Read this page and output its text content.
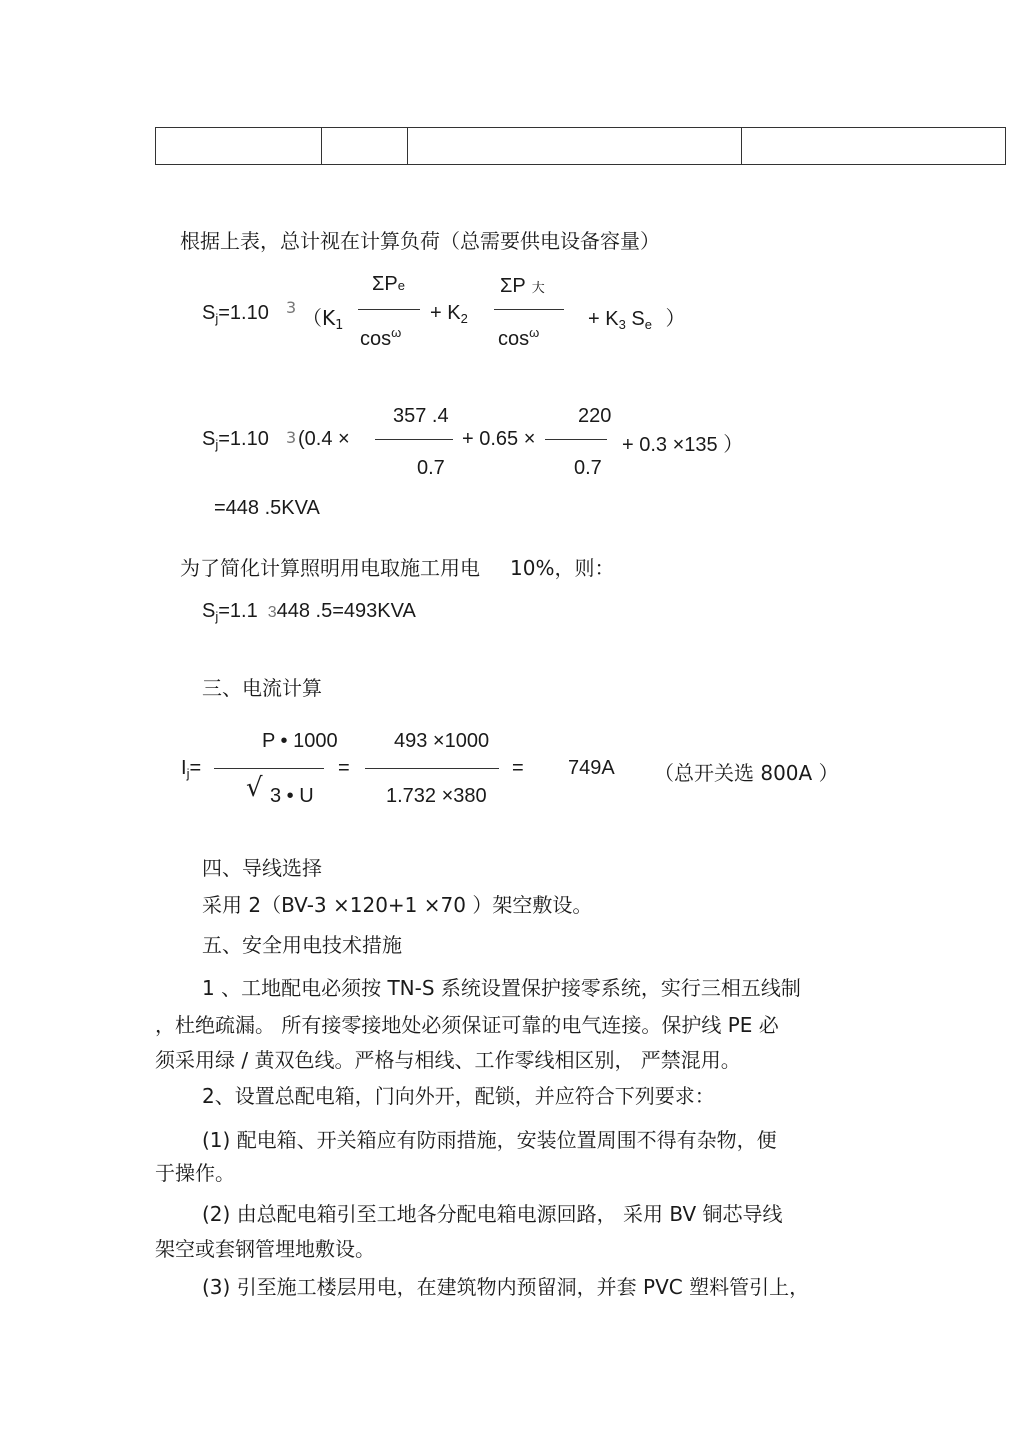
根据上表，总计视在计算负荷（总需要供电设备容量）
$S_j=1.10$ 3 （$K_1$
ΣPe
$\cos^\omega$
+ $K_2$
ΣP 大
$\cos^\omega$
+ $K_3$ $S_e$ ）
$S_j=1.10$ 3 (0.4 ×
357 .4
0.7
+ 0.65 ×
220
0.7
+ 0.3 ×135 ）
=448 .5KVA
为了简化计算照明用电取施工用电 10%，则：
$S_j=1.1$ 3448 .5=493KVA
三、电流计算
$I_j=$
P • 1000
√ 3 • U
=
493 ×1000
1.732 ×380
= 749A （总开关选 800A ）
四、导线选择
采用 2（BV-3 ×120+1 ×70 ）架空敷设。
五、安全用电技术措施
1 、工地配电必须按 TN-S 系统设置保护接零系统，实行三相五线制
，杜绝疏漏。 所有接零接地处必须保证可靠的电气连接。保护线 PE 必
须采用绿 / 黄双色线。严格与相线、工作零线相区别， 严禁混用。
2、设置总配电箱，门向外开，配锁，并应符合下列要求：
(1) 配电箱、开关箱应有防雨措施，安装位置周围不得有杂物，便
于操作。
(2) 由总配电箱引至工地各分配电箱电源回路， 采用 BV 铜芯导线
架空或套钢管埋地敷设。
(3) 引至施工楼层用电，在建筑物内预留洞，并套 PVC 塑料管引上，
